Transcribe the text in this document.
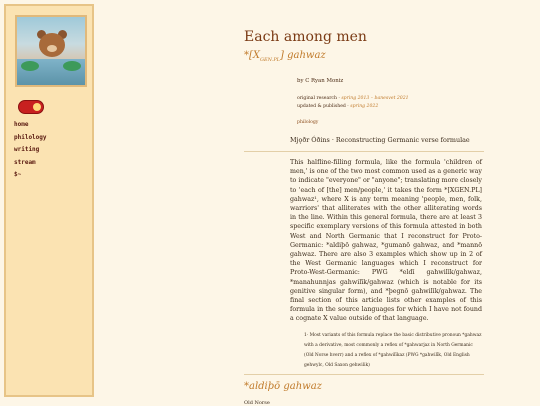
home
philology
writing
stream
$~
Each among men
$*[X_{GEN.PL}]$ gahwaz
by C Ryan Moniz
original research · spring 2013 – banesvet 2021
updated & published · spring 2022
philology
Mjǫðr Óðins · Reconstructing Germanic verse formulae

This halfline-filling formula, like the formula 'children of men,' is one of the two most common used as a generic way to indicate "everyone" or "anyone"; translating more closely to 'each of [the] men/people,' it takes the form *[XGEN.PL] gahwaz¹, where X is any term meaning 'people, men, folk, warriors' that alliterates with the other alliterating words in the line. Within this general formula, there are at least 3 specific exemplary versions of this formula attested in both West and North Germanic that I reconstruct for Proto-Germanic: *aldiþō gahwaz, *gumanō gahwaz, and *mannō gahwaz. There are also 3 examples which show up in 2 of the West Germanic languages which I reconstruct for Proto-West-Germanic: PWG *eldī gahwilīk/gahwaz, *manahunnjas gahwilīk/gahwaz (which is notable for its genitive singular form), and *þegnō gahwilīk/gahwaz. The final section of this article lists other examples of this formula in the source languages for which I have not found a cognate X value outside of that language.

1· Most variants of this formula replace the basic distributive pronoun *gahwaz with a derivative, most commonly a reflex of *gahwarjaz in North Germanic (Old Norse hverr) and a reflex of *gahwilīkaz (PWG *gahwilīk, Old English gehwylc, Old Saxon gehwilik)

*aldiþō gahwaz
Old Norse
